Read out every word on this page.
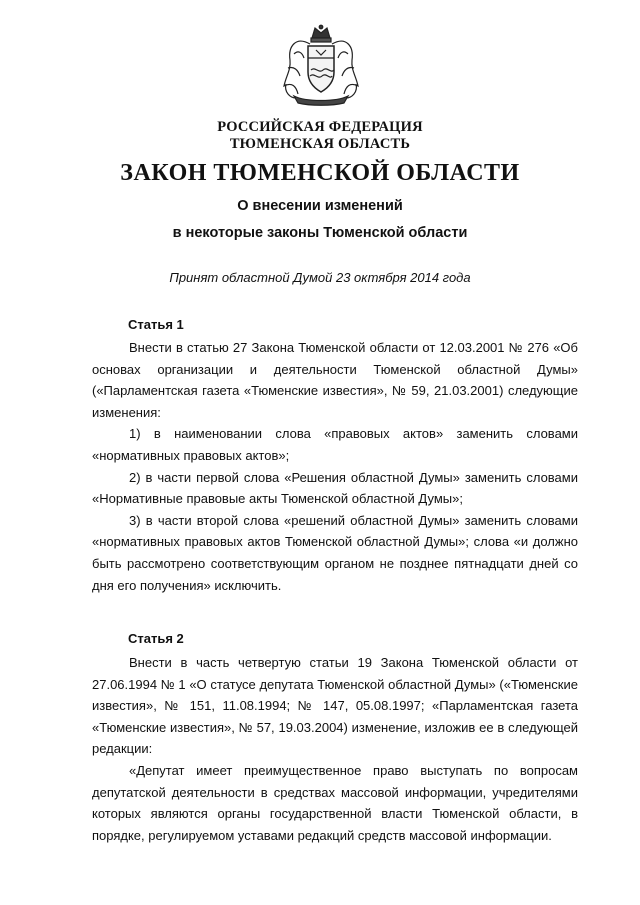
РОССИЙСКАЯ ФЕДЕРАЦИЯ
ТЮМЕНСКАЯ ОБЛАСТЬ
ЗАКОН ТЮМЕНСКОЙ ОБЛАСТИ
О внесении изменений
в некоторые законы Тюменской области
Принят областной Думой 23 октября 2014 года
Статья 1

Внести в статью 27 Закона Тюменской области от 12.03.2001 № 276 «Об основах организации и деятельности Тюменской областной Думы» («Парламентская газета «Тюменские известия», № 59, 21.03.2001) следующие изменения:

1) в наименовании слова «правовых актов» заменить словами «нормативных правовых актов»;

2) в части первой слова «Решения областной Думы» заменить словами «Нормативные правовые акты Тюменской областной Думы»;

3) в части второй слова «решений областной Думы» заменить словами «нормативных правовых актов Тюменской областной Думы»; слова «и должно быть рассмотрено соответствующим органом не позднее пятнадцати дней со дня его получения» исключить.

Статья 2

Внести в часть четвертую статьи 19 Закона Тюменской области от 27.06.1994 № 1 «О статусе депутата Тюменской областной Думы» («Тюменские известия», № 151, 11.08.1994; № 147, 05.08.1997; «Парламентская газета «Тюменские известия», № 57, 19.03.2004) изменение, изложив ее в следующей редакции:

«Депутат имеет преимущественное право выступать по вопросам депутатской деятельности в средствах массовой информации, учредителями которых являются органы государственной власти Тюменской области, в порядке, регулируемом уставами редакций средств массовой информации.
